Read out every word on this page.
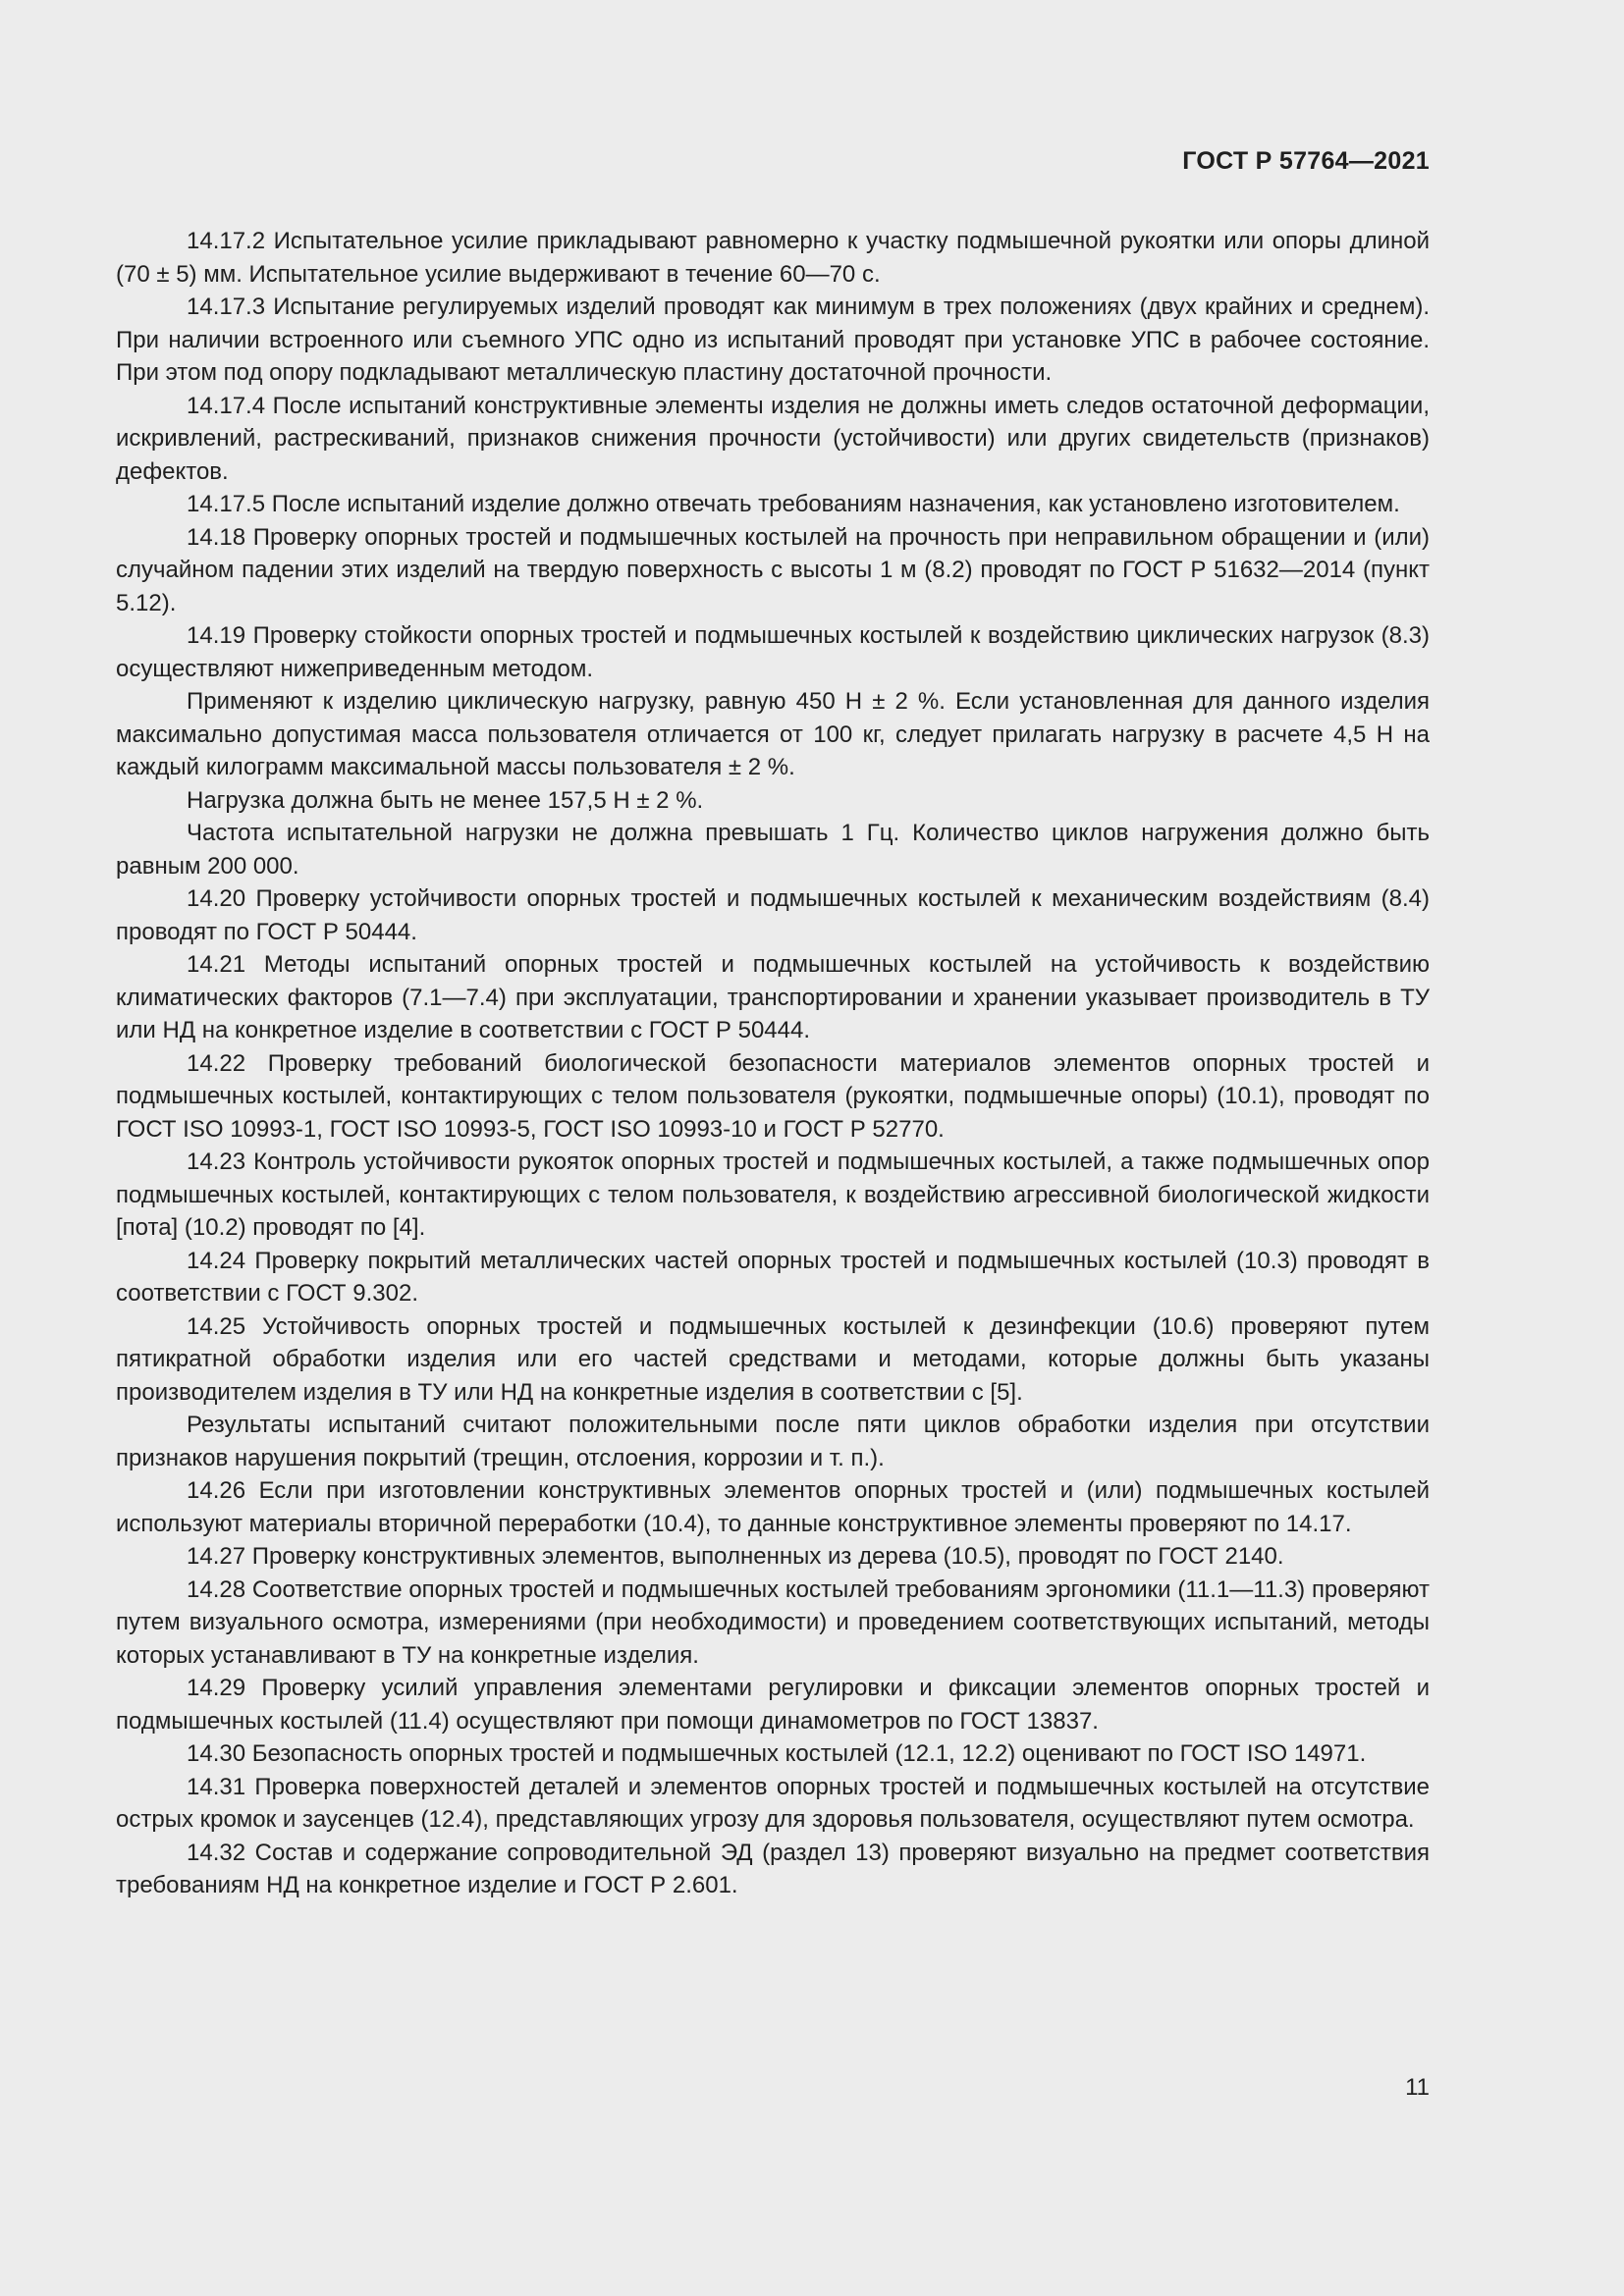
ГОСТ Р 57764—2021

14.17.2 Испытательное усилие прикладывают равномерно к участку подмышечной рукоятки или опоры длиной (70 ± 5) мм. Испытательное усилие выдерживают в течение 60—70 с.

14.17.3 Испытание регулируемых изделий проводят как минимум в трех положениях (двух крайних и среднем). При наличии встроенного или съемного УПС одно из испытаний проводят при установке УПС в рабочее состояние. При этом под опору подкладывают металлическую пластину достаточной прочности.

14.17.4 После испытаний конструктивные элементы изделия не должны иметь следов остаточной деформации, искривлений, растрескиваний, признаков снижения прочности (устойчивости) или других свидетельств (признаков) дефектов.

14.17.5 После испытаний изделие должно отвечать требованиям назначения, как установлено изготовителем.

14.18 Проверку опорных тростей и подмышечных костылей на прочность при неправильном обращении и (или) случайном падении этих изделий на твердую поверхность с высоты 1 м (8.2) проводят по ГОСТ Р 51632—2014 (пункт 5.12).

14.19 Проверку стойкости опорных тростей и подмышечных костылей к воздействию циклических нагрузок (8.3) осуществляют нижеприведенным методом.

Применяют к изделию циклическую нагрузку, равную 450 Н ± 2 %. Если установленная для данного изделия максимально допустимая масса пользователя отличается от 100 кг, следует прилагать нагрузку в расчете 4,5 Н на каждый килограмм максимальной массы пользователя ± 2 %.

Нагрузка должна быть не менее 157,5 Н ± 2 %.

Частота испытательной нагрузки не должна превышать 1 Гц. Количество циклов нагружения должно быть равным 200 000.

14.20 Проверку устойчивости опорных тростей и подмышечных костылей к механическим воздействиям (8.4) проводят по ГОСТ Р 50444.

14.21 Методы испытаний опорных тростей и подмышечных костылей на устойчивость к воздействию климатических факторов (7.1—7.4) при эксплуатации, транспортировании и хранении указывает производитель в ТУ или НД на конкретное изделие в соответствии с ГОСТ Р 50444.

14.22 Проверку требований биологической безопасности материалов элементов опорных тростей и подмышечных костылей, контактирующих с телом пользователя (рукоятки, подмышечные опоры) (10.1), проводят по ГОСТ ISO 10993-1, ГОСТ ISO 10993-5, ГОСТ ISO 10993-10 и ГОСТ Р 52770.

14.23 Контроль устойчивости рукояток опорных тростей и подмышечных костылей, а также подмышечных опор подмышечных костылей, контактирующих с телом пользователя, к воздействию агрессивной биологической жидкости [пота] (10.2) проводят по [4].

14.24 Проверку покрытий металлических частей опорных тростей и подмышечных костылей (10.3) проводят в соответствии с ГОСТ 9.302.

14.25 Устойчивость опорных тростей и подмышечных костылей к дезинфекции (10.6) проверяют путем пятикратной обработки изделия или его частей средствами и методами, которые должны быть указаны производителем изделия в ТУ или НД на конкретные изделия в соответствии с [5].

Результаты испытаний считают положительными после пяти циклов обработки изделия при отсутствии признаков нарушения покрытий (трещин, отслоения, коррозии и т. п.).

14.26 Если при изготовлении конструктивных элементов опорных тростей и (или) подмышечных костылей используют материалы вторичной переработки (10.4), то данные конструктивное элементы проверяют по 14.17.

14.27 Проверку конструктивных элементов, выполненных из дерева (10.5), проводят по ГОСТ 2140.

14.28 Соответствие опорных тростей и подмышечных костылей требованиям эргономики (11.1—11.3) проверяют путем визуального осмотра, измерениями (при необходимости) и проведением соответствующих испытаний, методы которых устанавливают в ТУ на конкретные изделия.

14.29 Проверку усилий управления элементами регулировки и фиксации элементов опорных тростей и подмышечных костылей (11.4) осуществляют при помощи динамометров по ГОСТ 13837.

14.30 Безопасность опорных тростей и подмышечных костылей (12.1, 12.2) оценивают по ГОСТ ISO 14971.

14.31 Проверка поверхностей деталей и элементов опорных тростей и подмышечных костылей на отсутствие острых кромок и заусенцев (12.4), представляющих угрозу для здоровья пользователя, осуществляют путем осмотра.

14.32 Состав и содержание сопроводительной ЭД (раздел 13) проверяют визуально на предмет соответствия требованиям НД на конкретное изделие и ГОСТ Р 2.601.

11
